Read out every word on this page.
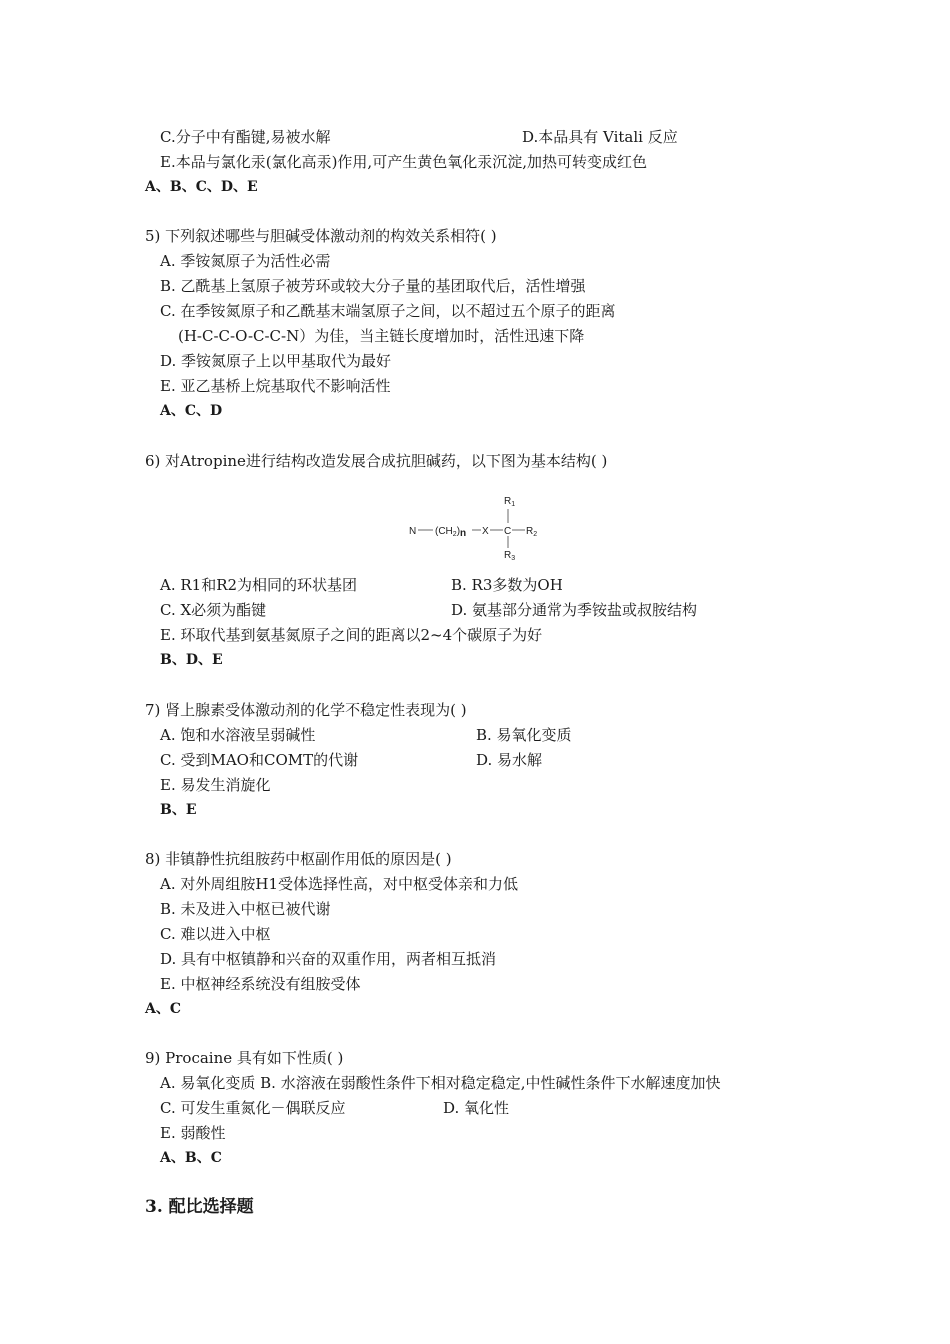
C.分子中有酯键,易被水解	D.本品具有 Vitali 反应
E.本品与氯化汞(氯化高汞)作用,可产生黄色氧化汞沉淀,加热可转变成红色
A、B、C、D、E
5) 下列叙述哪些与胆碱受体激动剂的构效关系相符( )
A. 季铵氮原子为活性必需
B. 乙酰基上氢原子被芳环或较大分子量的基团取代后，活性增强
C. 在季铵氮原子和乙酰基末端氢原子之间，以不超过五个原子的距离
(H-C-C-O-C-C-N）为佳，当主链长度增加时，活性迅速下降
D. 季铵氮原子上以甲基取代为最好
E. 亚乙基桥上烷基取代不影响活性
A、C、D
6) 对Atropine进行结构改造发展合成抗胆碱药，以下图为基本结构( )
$R_1$
N $(CH_2)n$ X C $R_2$
$R_3$
A. R1和R2为相同的环状基团	B. R3多数为OH
C. X必须为酯键	D. 氨基部分通常为季铵盐或叔胺结构
E. 环取代基到氨基氮原子之间的距离以2~4个碳原子为好
B、D、E
7) 肾上腺素受体激动剂的化学不稳定性表现为( )
A. 饱和水溶液呈弱碱性	B. 易氧化变质
C. 受到MAO和COMT的代谢	D. 易水解
E. 易发生消旋化
B、E
8) 非镇静性抗组胺药中枢副作用低的原因是( )
A. 对外周组胺H1受体选择性高，对中枢受体亲和力低
B. 未及进入中枢已被代谢
C. 难以进入中枢
D. 具有中枢镇静和兴奋的双重作用，两者相互抵消
E. 中枢神经系统没有组胺受体
A、C
9) Procaine 具有如下性质( )
A. 易氧化变质 B. 水溶液在弱酸性条件下相对稳定稳定,中性碱性条件下水解速度加快
C. 可发生重氮化－偶联反应	D. 氧化性
E. 弱酸性
A、B、C
3. 配比选择题
